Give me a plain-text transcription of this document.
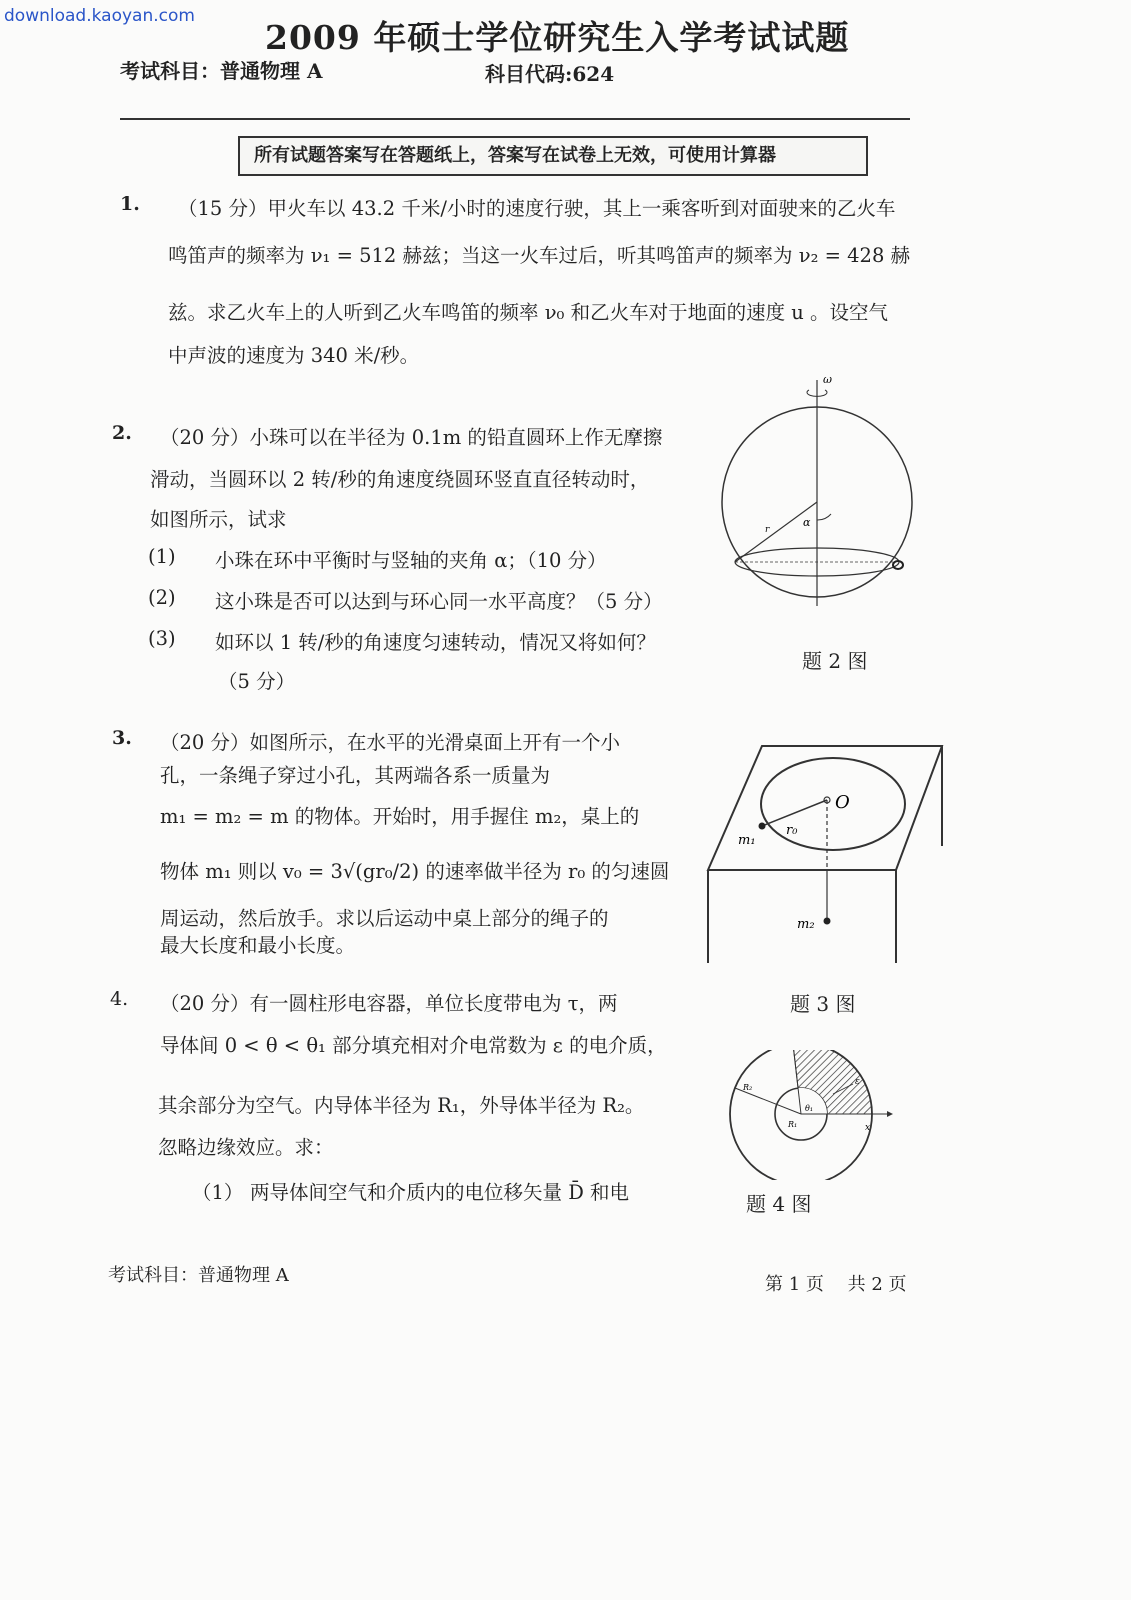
download.kaoyan.com
2009 年硕士学位研究生入学考试试题
考试科目：普通物理 A	科目代码:624
所有试题答案写在答题纸上，答案写在试卷上无效，可使用计算器
1. （15 分）甲火车以 43.2 千米/小时的速度行驶，其上一乘客听到对面驶来的乙火车
鸣笛声的频率为 ν₁ = 512 赫兹；当这一火车过后，听其鸣笛声的频率为 ν₂ = 428 赫
兹。求乙火车上的人听到乙火车鸣笛的频率 ν₀ 和乙火车对于地面的速度 u 。设空气
中声波的速度为 340 米/秒。
2. （20 分）小珠可以在半径为 0.1m 的铅直圆环上作无摩擦
滑动，当圆环以 2 转/秒的角速度绕圆环竖直直径转动时，
如图所示，试求
(1) 小珠在环中平衡时与竖轴的夹角 α；（10 分）
(2) 这小珠是否可以达到与环心同一水平高度？（5 分）
(3) 如环以 1 转/秒的角速度匀速转动，情况又将如何？
（5 分）
ω
α
r
题 2 图
3. （20 分）如图所示，在水平的光滑桌面上开有一个小
孔，一条绳子穿过小孔，其两端各系一质量为
m₁ = m₂ = m 的物体。开始时，用手握住 m₂，桌上的
物体 m₁ 则以 v₀ = 3√(gr₀/2) 的速率做半径为 r₀ 的匀速圆
周运动，然后放手。求以后运动中桌上部分的绳子的
最大长度和最小长度。
O
r₀
m₁
m₂
题 3 图
4. （20 分）有一圆柱形电容器，单位长度带电为 τ，两
导体间 0 < θ < θ₁ 部分填充相对介电常数为 ε 的电介质，
其余部分为空气。内导体半径为 R₁，外导体半径为 R₂。
忽略边缘效应。求：
（1） 两导体间空气和介质内的电位移矢量 D̄ 和电
R₂
R₁
θ₁
ε
x
题 4 图
考试科目：普通物理 A	第 1 页　 共 2 页
